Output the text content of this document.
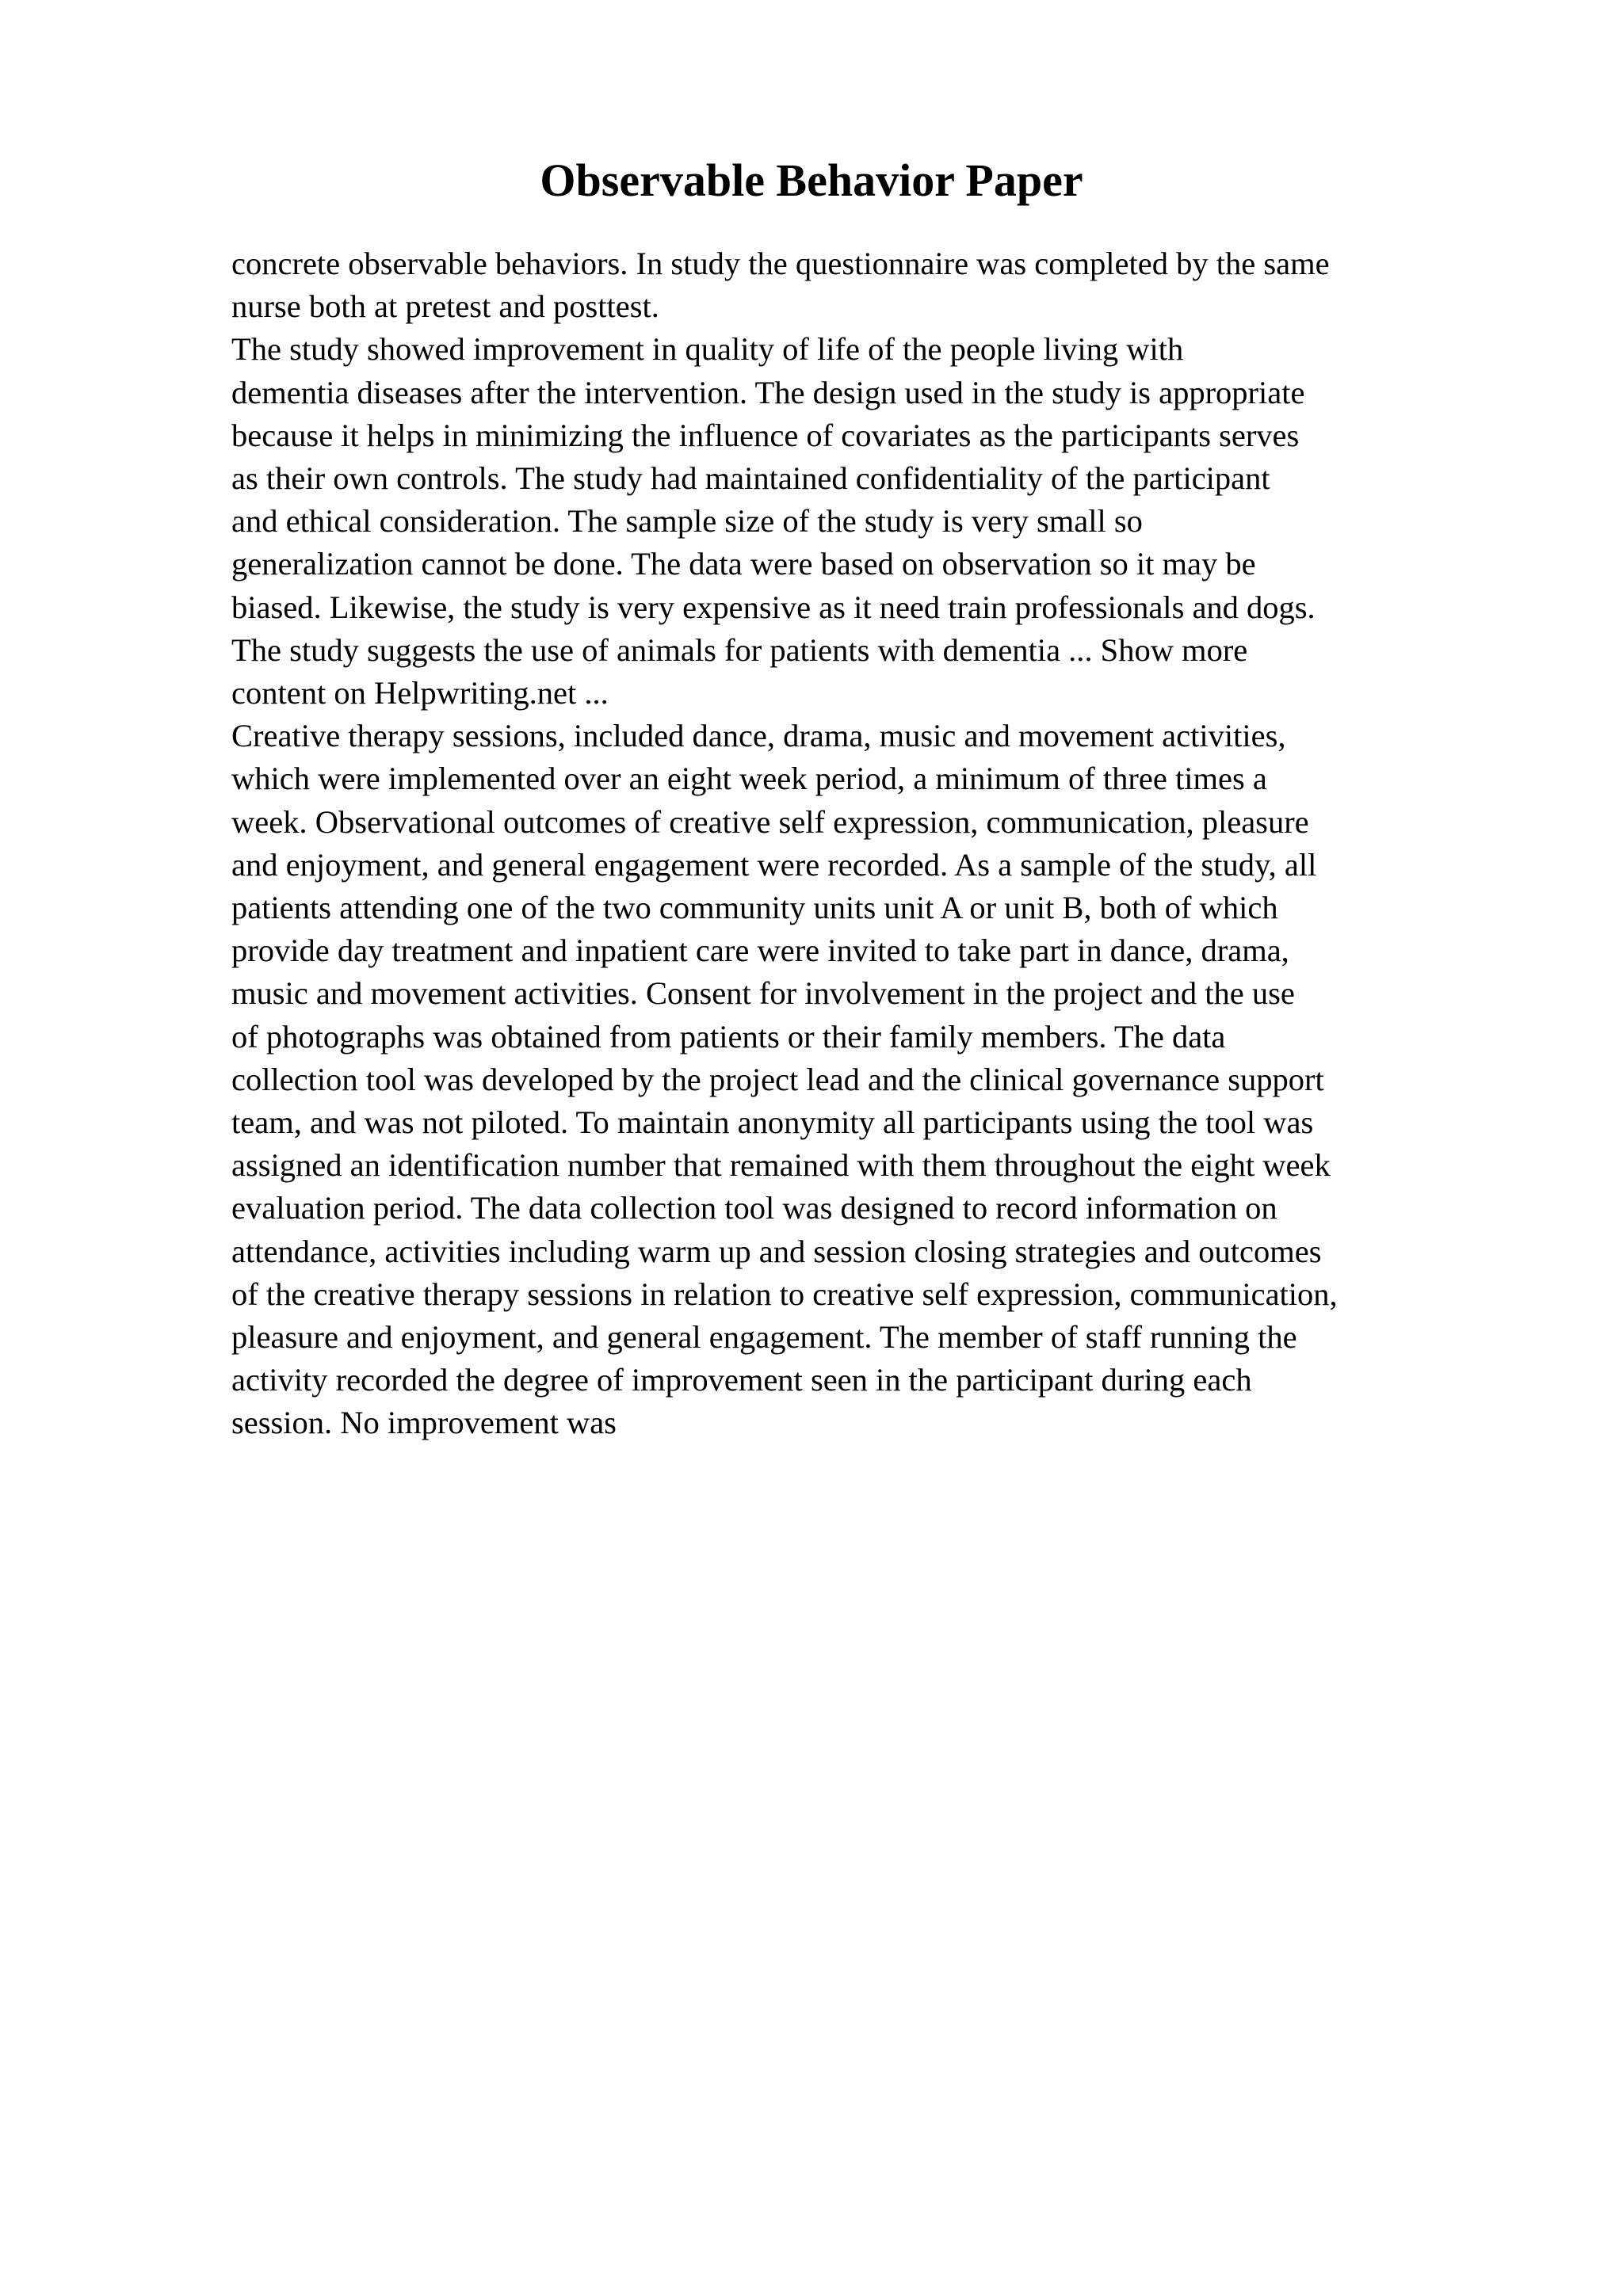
Observable Behavior Paper
concrete observable behaviors. In study the questionnaire was completed by the same
nurse both at pretest and posttest.
The study showed improvement in quality of life of the people living with
dementia diseases after the intervention. The design used in the study is appropriate
because it helps in minimizing the influence of covariates as the participants serves
as their own controls. The study had maintained confidentiality of the participant
and ethical consideration. The sample size of the study is very small so
generalization cannot be done. The data were based on observation so it may be
biased. Likewise, the study is very expensive as it need train professionals and dogs.
The study suggests the use of animals for patients with dementia ... Show more
content on Helpwriting.net ...
Creative therapy sessions, included dance, drama, music and movement activities,
which were implemented over an eight week period, a minimum of three times a
week. Observational outcomes of creative self expression, communication, pleasure
and enjoyment, and general engagement were recorded. As a sample of the study, all
patients attending one of the two community units unit A or unit B, both of which
provide day treatment and inpatient care were invited to take part in dance, drama,
music and movement activities. Consent for involvement in the project and the use
of photographs was obtained from patients or their family members. The data
collection tool was developed by the project lead and the clinical governance support
team, and was not piloted. To maintain anonymity all participants using the tool was
assigned an identification number that remained with them throughout the eight week
evaluation period. The data collection tool was designed to record information on
attendance, activities including warm up and session closing strategies and outcomes
of the creative therapy sessions in relation to creative self expression, communication,
pleasure and enjoyment, and general engagement. The member of staff running the
activity recorded the degree of improvement seen in the participant during each
session. No improvement was
